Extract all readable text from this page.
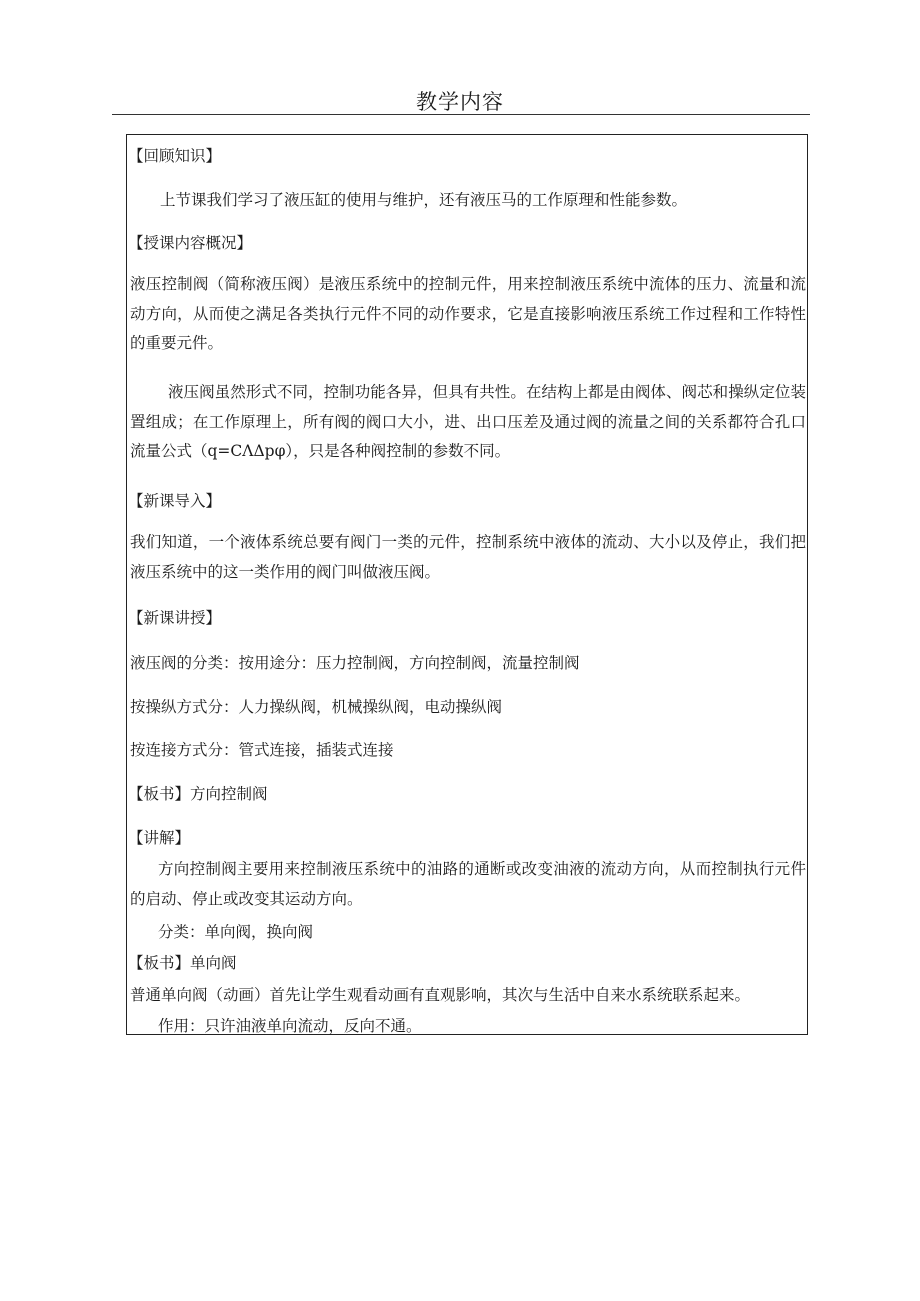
教学内容

【回顾知识】

上节课我们学习了液压缸的使用与维护，还有液压马的工作原理和性能参数。

【授课内容概况】

液压控制阀（简称液压阀）是液压系统中的控制元件，用来控制液压系统中流体的压力、流量和流动方向，从而使之满足各类执行元件不同的动作要求，它是直接影响液压系统工作过程和工作特性的重要元件。

液压阀虽然形式不同，控制功能各异，但具有共性。在结构上都是由阀体、阀芯和操纵定位装置组成；在工作原理上，所有阀的阀口大小，进、出口压差及通过阀的流量之间的关系都符合孔口流量公式（q=CΛΔpφ），只是各种阀控制的参数不同。

【新课导入】

我们知道，一个液体系统总要有阀门一类的元件，控制系统中液体的流动、大小以及停止，我们把液压系统中的这一类作用的阀门叫做液压阀。

【新课讲授】

液压阀的分类：按用途分：压力控制阀，方向控制阀，流量控制阀

按操纵方式分：人力操纵阀，机械操纵阀，电动操纵阀

按连接方式分：管式连接，插装式连接

【板书】方向控制阀

【讲解】

方向控制阀主要用来控制液压系统中的油路的通断或改变油液的流动方向，从而控制执行元件的启动、停止或改变其运动方向。

分类：单向阀，换向阀

【板书】单向阀

普通单向阀（动画）首先让学生观看动画有直观影响，其次与生活中自来水系统联系起来。

作用：只许油液单向流动，反向不通。
